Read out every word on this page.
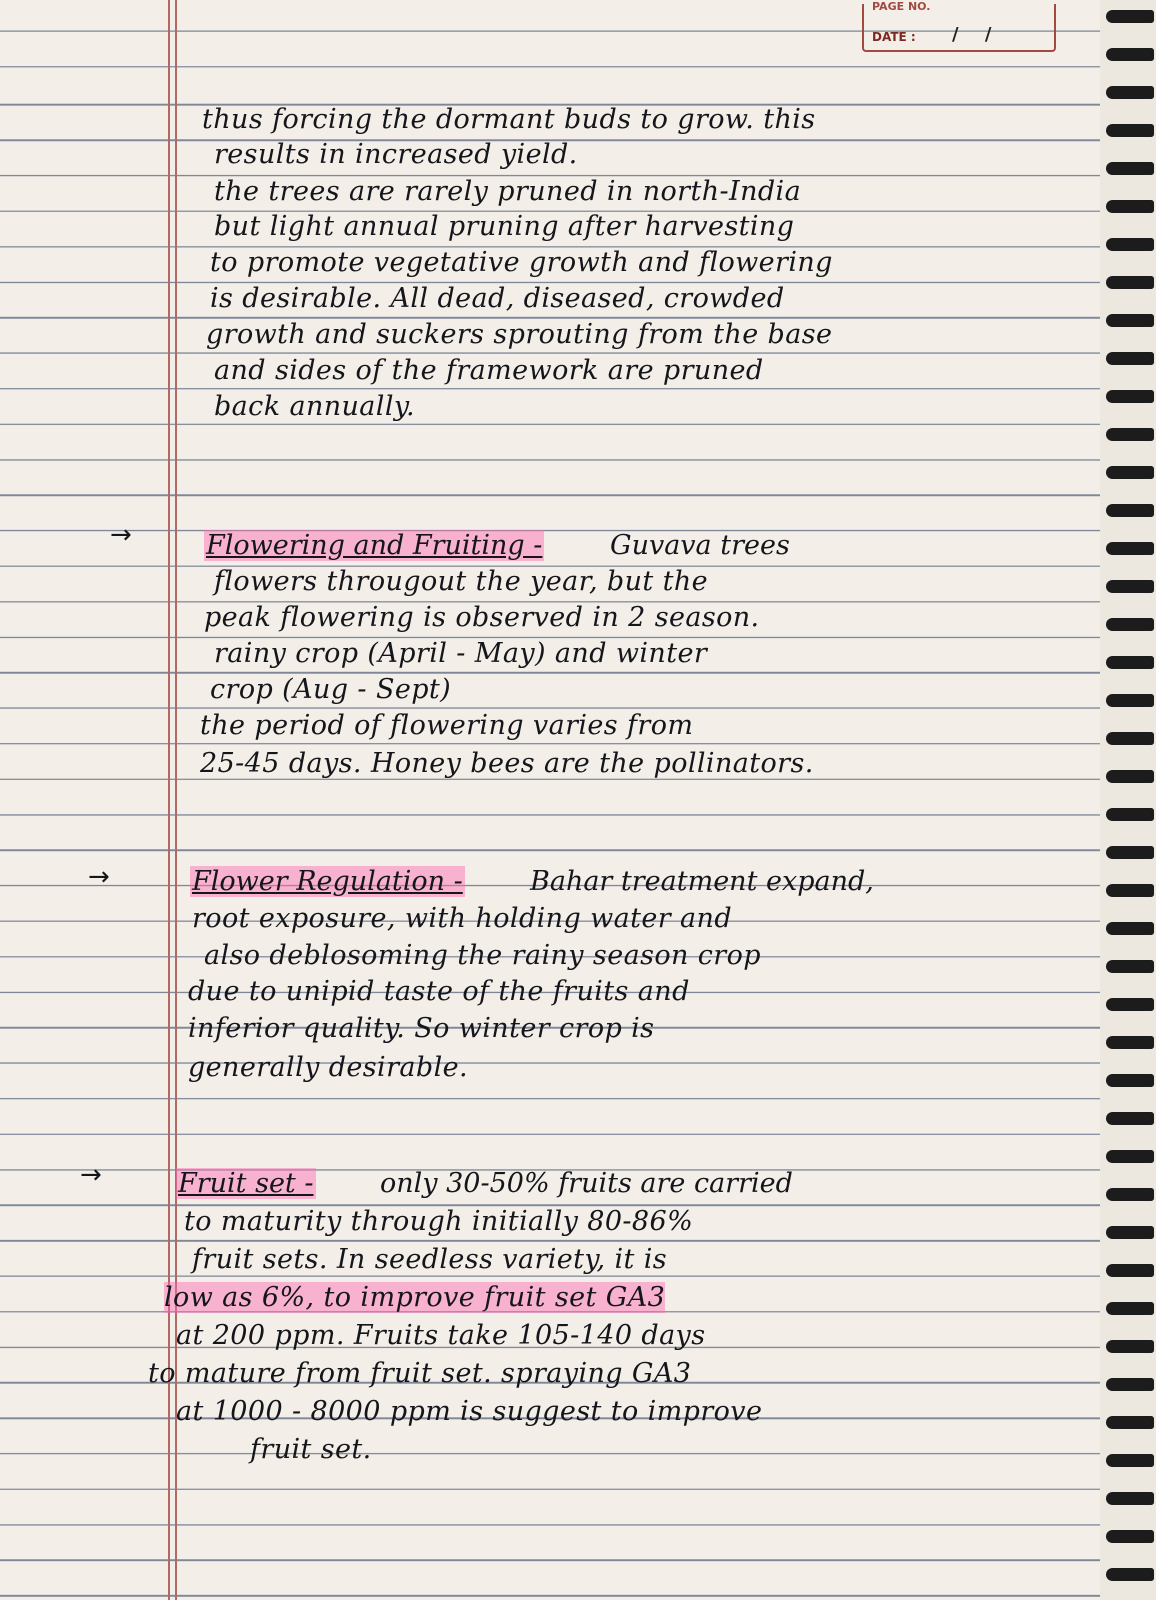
PAGE NO.
DATE : / /
thus forcing the dormant buds to grow. this
results in increased yield.
the trees are rarely pruned in north-India
but light annual pruning after harvesting
to promote vegetative growth and flowering
is desirable. All dead, diseased, crowded
growth and suckers sprouting from the base
and sides of the framework are pruned
back annually.
→	Flowering and Fruiting -	Guvava trees
flowers througout the year, but the
peak flowering is observed in 2 season.
rainy crop (April - May) and winter
crop (Aug - Sept)
the period of flowering varies from
25-45 days. Honey bees are the pollinators.
→	Flower Regulation - Bahar treatment expand,
root exposure, with holding water and
also deblosoming the rainy season crop
due to unipid taste of the fruits and
inferior quality. So winter crop is
generally desirable.
→	Fruit set - only 30-50% fruits are carried
to maturity through initially 80-86%
fruit sets. In seedless variety, it is
low as 6%, to improve fruit set GA3
at 200 ppm. Fruits take 105-140 days
to mature from fruit set. spraying GA3
at 1000 - 8000 ppm is suggest to improve
fruit set.
